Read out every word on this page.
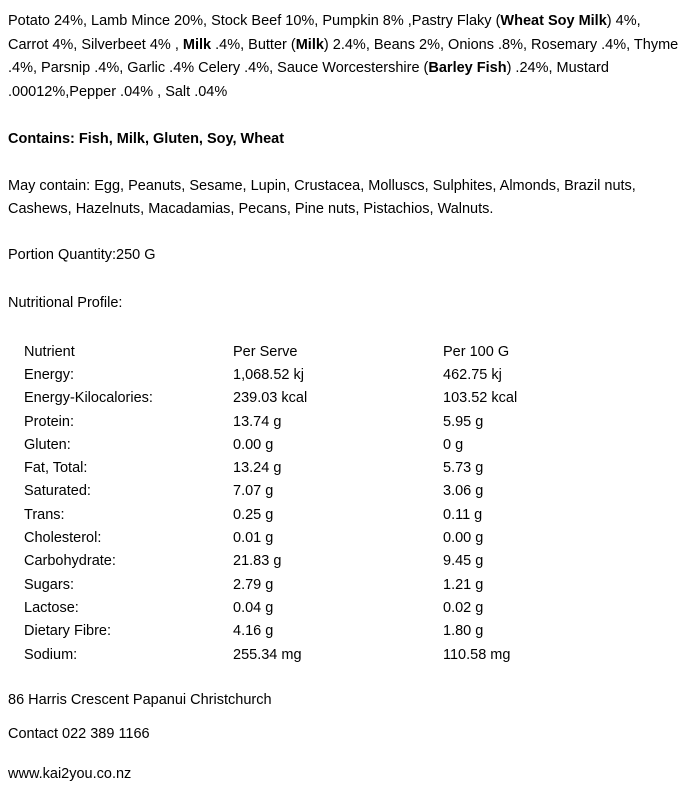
Potato 24%, Lamb Mince 20%, Stock Beef 10%, Pumpkin 8% ,Pastry Flaky (Wheat Soy Milk) 4%, Carrot 4%, Silverbeet 4% , Milk .4%, Butter (Milk) 2.4%, Beans 2%, Onions .8%, Rosemary .4%, Thyme .4%, Parsnip .4%, Garlic .4% Celery .4%, Sauce Worcestershire (Barley Fish) .24%, Mustard .00012%,Pepper .04% , Salt .04%

Contains: Fish, Milk, Gluten, Soy, Wheat
May contain: Egg, Peanuts, Sesame, Lupin, Crustacea, Molluscs, Sulphites, Almonds, Brazil nuts, Cashews, Hazelnuts, Macadamias, Pecans, Pine nuts, Pistachios, Walnuts.
Portion Quantity:250 G
Nutritional Profile:
Nutrient	Per Serve	Per 100 G
Energy:	1,068.52 kj	462.75 kj
Energy-Kilocalories:	239.03 kcal	103.52 kcal
Protein:	13.74 g	5.95 g
Gluten:	0.00 g	0 g
Fat, Total:	13.24 g	5.73 g
Saturated:	7.07 g	3.06 g
Trans:	0.25 g	0.11 g
Cholesterol:	0.01 g	0.00 g
Carbohydrate:	21.83 g	9.45 g
Sugars:	2.79 g	1.21 g
Lactose:	0.04 g	0.02 g
Dietary Fibre:	4.16 g	1.80 g
Sodium:	255.34 mg	110.58 mg
86 Harris Crescent Papanui Christchurch
Contact 022 389 1166
www.kai2you.co.nz
